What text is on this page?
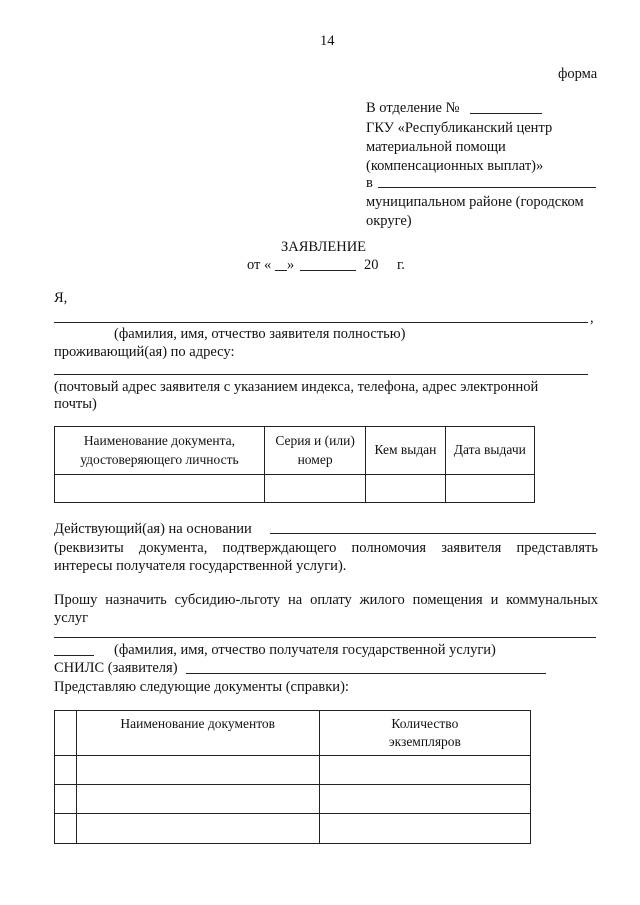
14
форма
В отделение №
ГКУ «Республиканский центр
материальной помощи
(компенсационных выплат)»
в
муниципальном районе (городском
округе)
ЗАЯВЛЕНИЕ
от « »	20 г.
Я,
,
(фамилия, имя, отчество заявителя полностью)
проживающий(ая) по адресу:
(почтовый адрес заявителя с указанием индекса, телефона, адрес электронной
почты)
Наименование документа, удостоверяющего личность	Серия и (или) номер	Кем выдан	Дата выдачи

Действующий(ая) на основании
(реквизиты документа, подтверждающего полномочия заявителя представлять
интересы получателя государственной услуги).
Прошу назначить субсидию-льготу на оплату жилого помещения и коммунальных
услуг
(фамилия, имя, отчество получателя государственной услуги)
СНИЛС (заявителя)
Представляю следующие документы (справки):
	Наименование документов	Количество экземпляров
